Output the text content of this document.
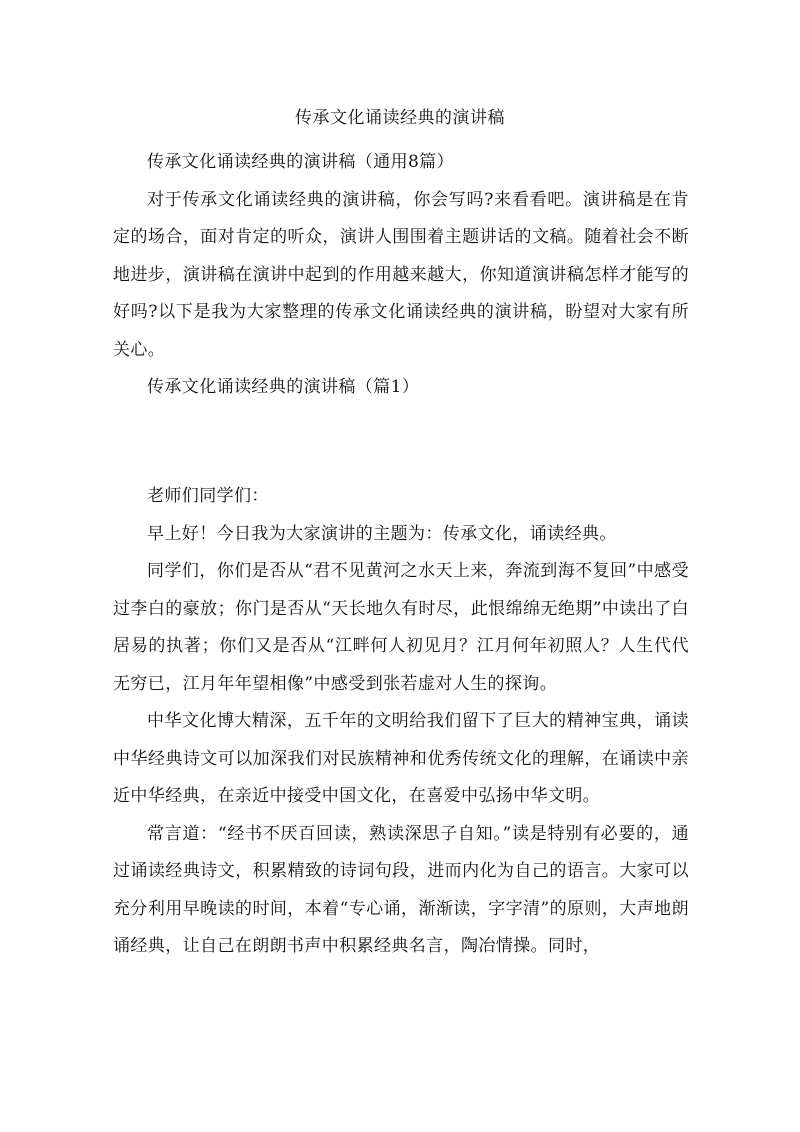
传承文化诵读经典的演讲稿

传承文化诵读经典的演讲稿（通用8篇）

对于传承文化诵读经典的演讲稿，你会写吗?来看看吧。演讲稿是在肯定的场合，面对肯定的听众，演讲人围围着主题讲话的文稿。随着社会不断地进步，演讲稿在演讲中起到的作用越来越大，你知道演讲稿怎样才能写的好吗?以下是我为大家整理的传承文化诵读经典的演讲稿，盼望对大家有所关心。

传承文化诵读经典的演讲稿（篇1）

老师们同学们：

早上好！今日我为大家演讲的主题为：传承文化，诵读经典。

同学们，你们是否从“君不见黄河之水天上来，奔流到海不复回”中感受过李白的豪放；你门是否从“天长地久有时尽，此恨绵绵无绝期”中读出了白居易的执著；你们又是否从“江畔何人初见月？江月何年初照人？人生代代无穷已，江月年年望相像”中感受到张若虚对人生的探询。

中华文化博大精深，五千年的文明给我们留下了巨大的精神宝典，诵读中华经典诗文可以加深我们对民族精神和优秀传统文化的理解，在诵读中亲近中华经典，在亲近中接受中国文化，在喜爱中弘扬中华文明。

常言道：“经书不厌百回读，熟读深思子自知。”读是特别有必要的，通过诵读经典诗文，积累精致的诗词句段，进而内化为自己的语言。大家可以充分利用早晚读的时间，本着“专心诵，渐渐读，字字清”的原则，大声地朗诵经典，让自己在朗朗书声中积累经典名言，陶冶情操。同时，
